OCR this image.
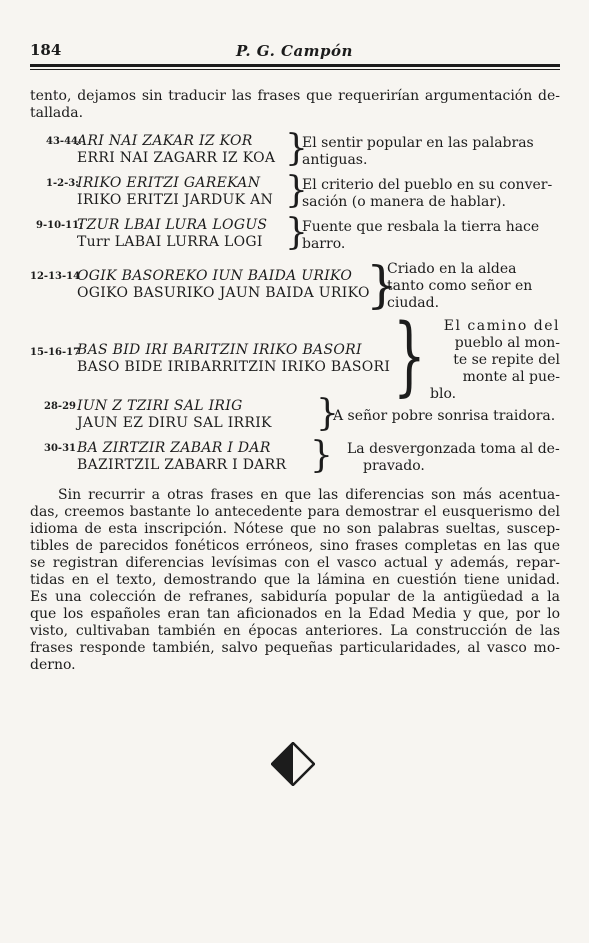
184	P. G. Campón
tento, dejamos sin traducir las frases que requerirían argumentación de-
tallada.
43-44:
ARI NAI ZAKAR IZ KOR
ERRI NAI ZAGARR IZ KOA }
El sentir popular en las palabras
antiguas.
1-2-3:
IRIKO ERITZI GAREKAN
IRIKO ERITZI JARDUK AN }
El criterio del pueblo en su conver-
sación (o manera de hablar).
9-10-11:
TZUR LBAI LURA LOGUS
Turr LABAI LURRA LOGI }
Fuente que resbala la tierra hace
barro.
12-13-14
OGIK BASOREKO IUN BAIDA URIKO
OGIKO BASURIKO JAUN BAIDA URIKO
}
Criado en la aldea
tanto como señor en
ciudad.
15-16-17
BAS BID IRI BARITZIN IRIKO BASORI
BASO BIDE IRIBARRITZIN IRIKO BASORI }	El camino del
pueblo al mon-
te se repite del
monte al pue-
blo.
28-29 IUN Z TZIRI SAL IRIG
JAUN EZ DIRU SAL IRRIK }
A señor pobre sonrisa traidora.
30-31 BA ZIRTZIR ZABAR I DAR
BAZIRTZIL ZABARR I DARR } La desvergonzada toma al de-
pravado.
Sin recurrir a otras frases en que las diferencias son más acentua-
das, creemos bastante lo antecedente para demostrar el eusquerismo del
idioma de esta inscripción. Nótese que no son palabras sueltas, suscep-
tibles de parecidos fonéticos erróneos, sino frases completas en las que
se registran diferencias levísimas con el vasco actual y además, repar-
tidas en el texto, demostrando que la lámina en cuestión tiene unidad.
Es una colección de refranes, sabiduría popular de la antigüedad a la
que los españoles eran tan aficionados en la Edad Media y que, por lo
visto, cultivaban también en épocas anteriores. La construcción de las
frases responde también, salvo pequeñas particularidades, al vasco mo-
derno.
